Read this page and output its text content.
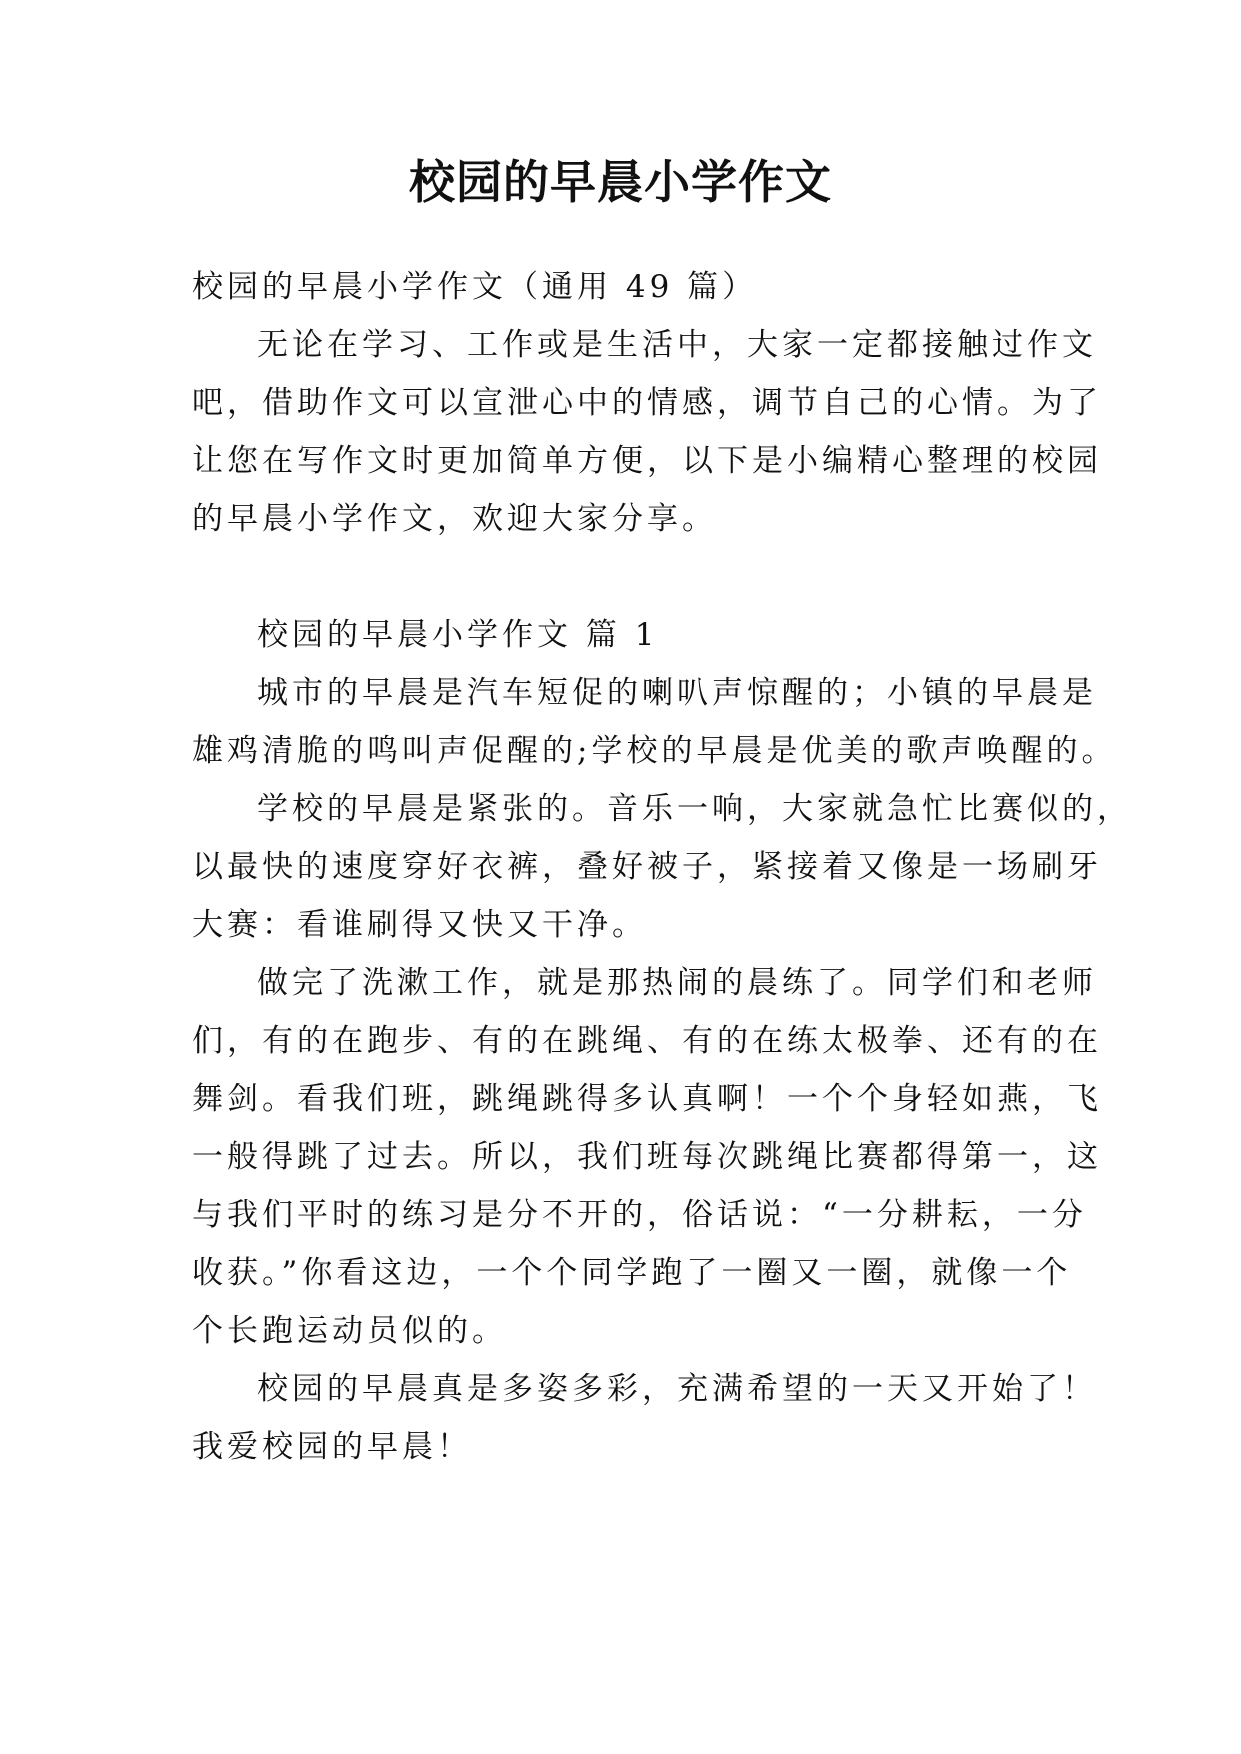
校园的早晨小学作文

校园的早晨小学作文（通用 49 篇）

无论在学习、工作或是生活中，大家一定都接触过作文
吧，借助作文可以宣泄心中的情感，调节自己的心情。为了
让您在写作文时更加简单方便，以下是小编精心整理的校园
的早晨小学作文，欢迎大家分享。

校园的早晨小学作文 篇 1

城市的早晨是汽车短促的喇叭声惊醒的；小镇的早晨是
雄鸡清脆的鸣叫声促醒的;学校的早晨是优美的歌声唤醒的。
学校的早晨是紧张的。音乐一响，大家就急忙比赛似的，
以最快的速度穿好衣裤，叠好被子，紧接着又像是一场刷牙
大赛：看谁刷得又快又干净。
做完了洗漱工作，就是那热闹的晨练了。同学们和老师
们，有的在跑步、有的在跳绳、有的在练太极拳、还有的在
舞剑。看我们班，跳绳跳得多认真啊！一个个身轻如燕，飞
一般得跳了过去。所以，我们班每次跳绳比赛都得第一，这
与我们平时的练习是分不开的，俗话说：“一分耕耘，一分
收获。”你看这边，一个个同学跑了一圈又一圈，就像一个
个长跑运动员似的。
校园的早晨真是多姿多彩，充满希望的一天又开始了！
我爱校园的早晨！
